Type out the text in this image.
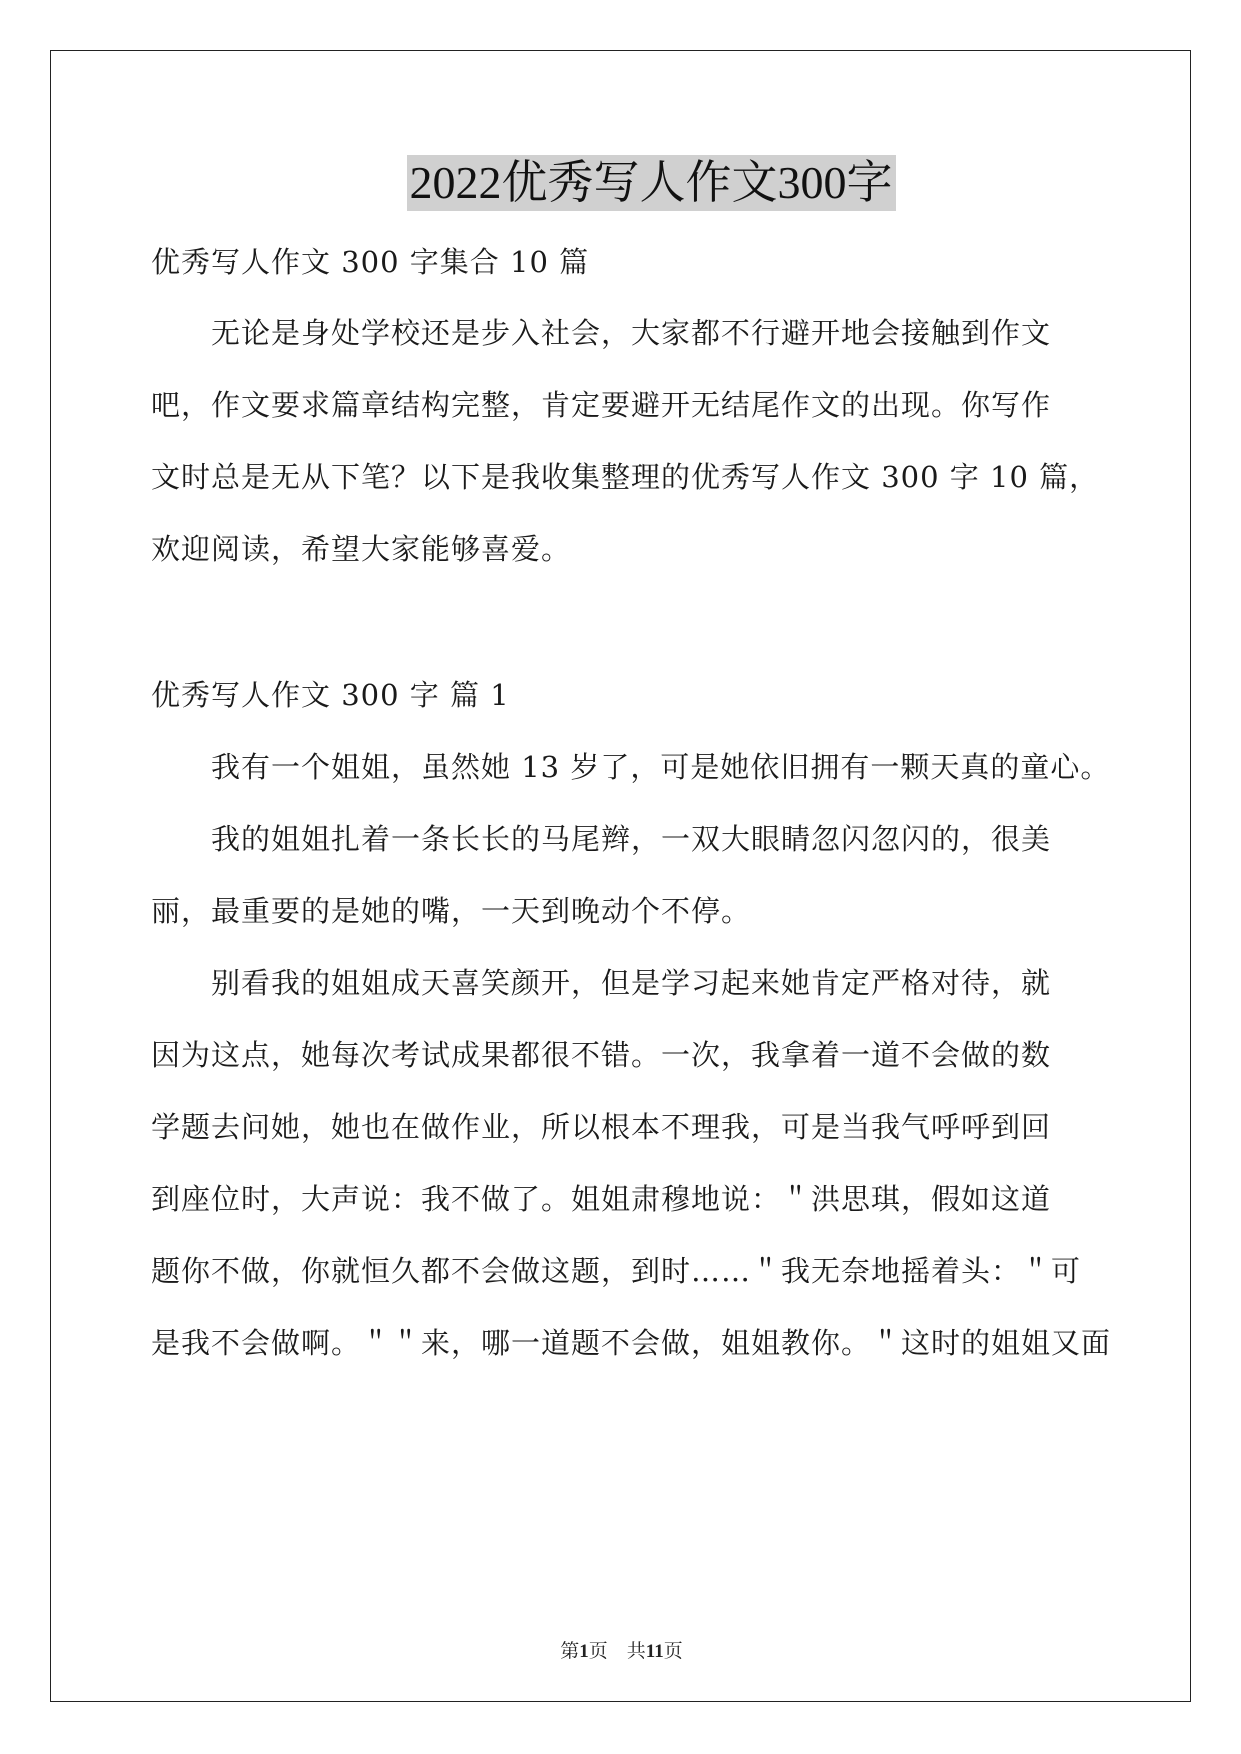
2022优秀写人作文300字
优秀写人作文 300 字集合 10 篇
无论是身处学校还是步入社会，大家都不行避开地会接触到作文
吧，作文要求篇章结构完整，肯定要避开无结尾作文的出现。你写作
文时总是无从下笔？以下是我收集整理的优秀写人作文 300 字 10 篇，
欢迎阅读，希望大家能够喜爱。
优秀写人作文 300 字 篇 1
我有一个姐姐，虽然她 13 岁了，可是她依旧拥有一颗天真的童心。
我的姐姐扎着一条长长的马尾辫，一双大眼睛忽闪忽闪的，很美
丽，最重要的是她的嘴，一天到晚动个不停。
别看我的姐姐成天喜笑颜开，但是学习起来她肯定严格对待，就
因为这点，她每次考试成果都很不错。一次，我拿着一道不会做的数
学题去问她，她也在做作业，所以根本不理我，可是当我气呼呼到回
到座位时，大声说：我不做了。姐姐肃穆地说：＂洪思琪，假如这道
题你不做，你就恒久都不会做这题，到时……＂我无奈地摇着头：＂可
是我不会做啊。＂＂来，哪一道题不会做，姐姐教你。＂这时的姐姐又面
第1页 共11页
